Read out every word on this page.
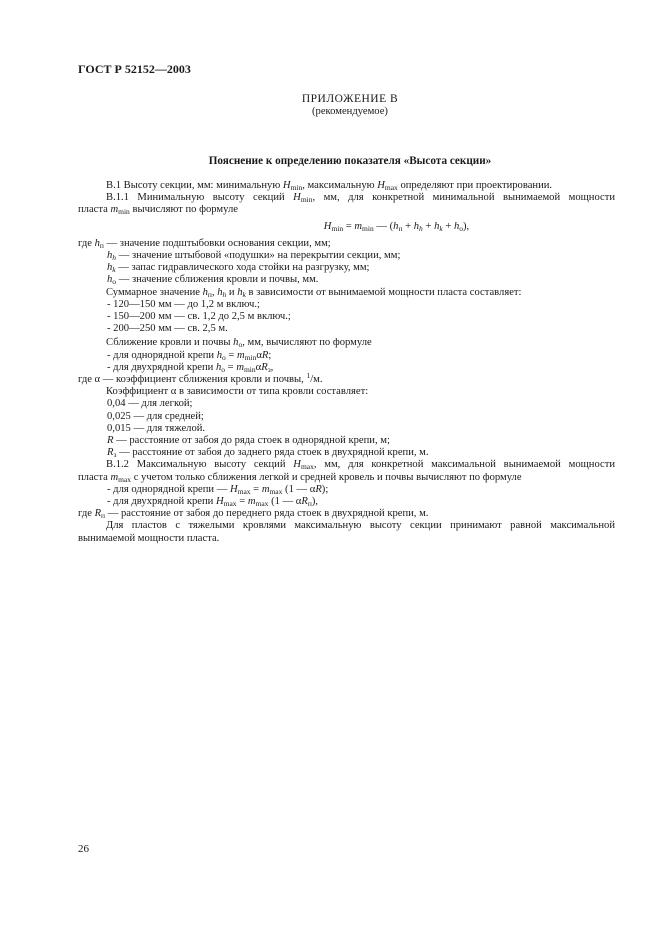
ГОСТ Р 52152—2003
ПРИЛОЖЕНИЕ В
(рекомендуемое)
Пояснение к определению показателя «Высота секции»

В.1 Высоту секции, мм: минимальную $H_{min}$, максимальную $H_{max}$ определяют при проектировании.

В.1.1 Минимальную высоту секций $H_{min}$, мм, для конкретной минимальной вынимаемой мощности

пласта $m_{min}$ вычисляют по формуле

$H_{min} = m_{min}$ — $(h_п + h_h + h_k + h_o)$,

где $h_п$ — значение подштыбовки основания секции, мм;

$h_h$ — значение штыбовой «подушки» на перекрытии секции, мм;

$h_k$ — запас гидравлического хода стойки на разгрузку, мм;

$h_o$ — значение сближения кровли и почвы, мм.

Суммарное значение $h_п$, $h_h$ и $h_k$ в зависимости от вынимаемой мощности пласта составляет:

- 120—150 мм — до 1,2 м включ.;

- 150—200 мм — св. 1,2 до 2,5 м включ.;

- 200—250 мм — св. 2,5 м.

Сближение кровли и почвы $h_o$, мм, вычисляют по формуле

- для однорядной крепи $h_o = m_{min}\alpha R$;

- для двухрядной крепи $h_o = m_{min}\alpha R_з$,

где α — коэффициент сближения кровли и почвы, $^1$/м.

Коэффициент α в зависимости от типа кровли составляет:

0,04 — для легкой;

0,025 — для средней;

0,015 — для тяжелой.

R — расстояние от забоя до ряда стоек в однорядной крепи, м;

$R_з$ — расстояние от забоя до заднего ряда стоек в двухрядной крепи, м.

В.1.2 Максимальную высоту секций $H_{max}$, мм, для конкретной максимальной вынимаемой мощности

пласта $m_{max}$ с учетом только сближения легкой и средней кровель и почвы вычисляют по формуле

- для однорядной крепи — $H_{max} = m_{max}$ (1 — αR);

- для двухрядной крепи $H_{max} = m_{max}$ (1 — $\alpha R_п$),

где $R_п$ — расстояние от забоя до переднего ряда стоек в двухрядной крепи, м.

Для пластов с тяжелыми кровлями максимальную высоту секции принимают равной максимальной

вынимаемой мощности пласта.

26
